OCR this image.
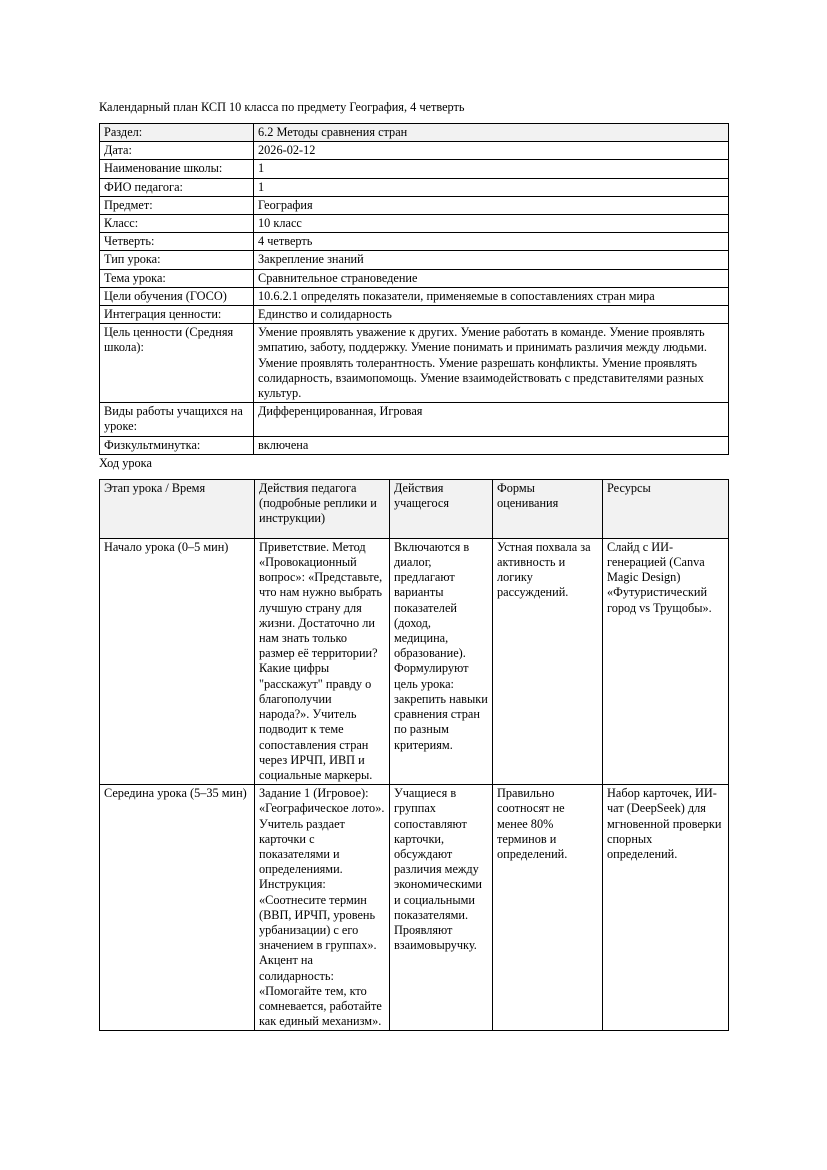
Календарный план КСП 10 класса по предмету География, 4 четверть
Раздел:	6.2 Методы сравнения стран
Дата:	2026-02-12
Наименование школы:	1
ФИО педагога:	1
Предмет:	География
Класс:	10 класс
Четверть:	4 четверть
Тип урока:	Закрепление знаний
Тема урока:	Сравнительное страноведение
Цели обучения (ГОСО)	10.6.2.1 определять показатели, применяемые в сопоставлениях стран мира
Интеграция ценности:	Единство и солидарность
Цель ценности (Средняя школа):	Умение проявлять уважение к других. Умение работать в команде. Умение проявлять эмпатию, заботу, поддержку. Умение понимать и принимать различия между людьми. Умение проявлять толерантность. Умение разрешать конфликты. Умение проявлять солидарность, взаимопомощь. Умение взаимодействовать с представителями разных культур.
Виды работы учащихся на уроке:	Дифференцированная, Игровая
Физкультминутка:	включена
Ход урока
Этап урока / Время	Действия педагога (подробные реплики и инструкции)	Действия учащегося	Формы оценивания	Ресурсы
Начало урока (0–5 мин)	Приветствие. Метод «Провокационный вопрос»: «Представьте, что нам нужно выбрать лучшую страну для жизни. Достаточно ли нам знать только размер её территории? Какие цифры "расскажут" правду о благополучии народа?». Учитель подводит к теме сопоставления стран через ИРЧП, ИВП и социальные маркеры.	Включаются в диалог, предлагают варианты показателей (доход, медицина, образование). Формулируют цель урока: закрепить навыки сравнения стран по разным критериям.	Устная похвала за активность и логику рассуждений.	Слайд с ИИ-генерацией (Canva Magic Design) «Футуристический город vs Трущобы».
Середина урока (5–35 мин)	Задание 1 (Игровое): «Географическое лото». Учитель раздает карточки с показателями и определениями. Инструкция: «Соотнесите термин (ВВП, ИРЧП, уровень урбанизации) с его значением в группах». Акцент на солидарность: «Помогайте тем, кто сомневается, работайте как единый механизм».	Учащиеся в группах сопоставляют карточки, обсуждают различия между экономическими и социальными показателями. Проявляют взаимовыручку.	Правильно соотносят не менее 80% терминов и определений.	Набор карточек, ИИ-чат (DeepSeek) для мгновенной проверки спорных определений.
